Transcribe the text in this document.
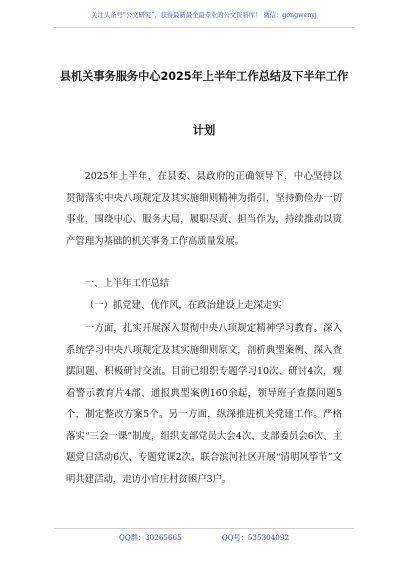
关注头条号“公文研究”，获得最新最全最专业的公文资料库！ 微信：gongwenyj
县机关事务服务中心2025年上半年工作总结及下半年工作
计划

2025年上半年，在县委、县政府的正确领导下，中心坚持以贯彻落实中央八项规定及其实施细则精神为指引，坚持勤俭办一切事业，围绕中心、服务大局，履职尽责、担当作为，持续推动以资产管理为基础的机关事务工作高质量发展。

一、上半年工作总结

（一）抓党建、优作风，在政治建设上走深走实

一方面，扎实开展深入贯彻中央八项规定精神学习教育。深入系统学习中央八项规定及其实施细则原文，剖析典型案例、深入查摆问题、积极研讨交流。目前已组织专题学习10次、研讨4次，观看警示教育片4部、通报典型案例160余起，领导班子查摆问题5个，制定整改方案5个。另一方面，纵深推进机关党建工作。严格落实“三会一课”制度，组织支部党员大会4次、支部委员会6次、主题党日活动6次、专题党课2次。联合滨河社区开展“清明风筝节”文明共建活动，走访小官庄村贫困户3户。

QQ群：30265665	QQ号：535304092
